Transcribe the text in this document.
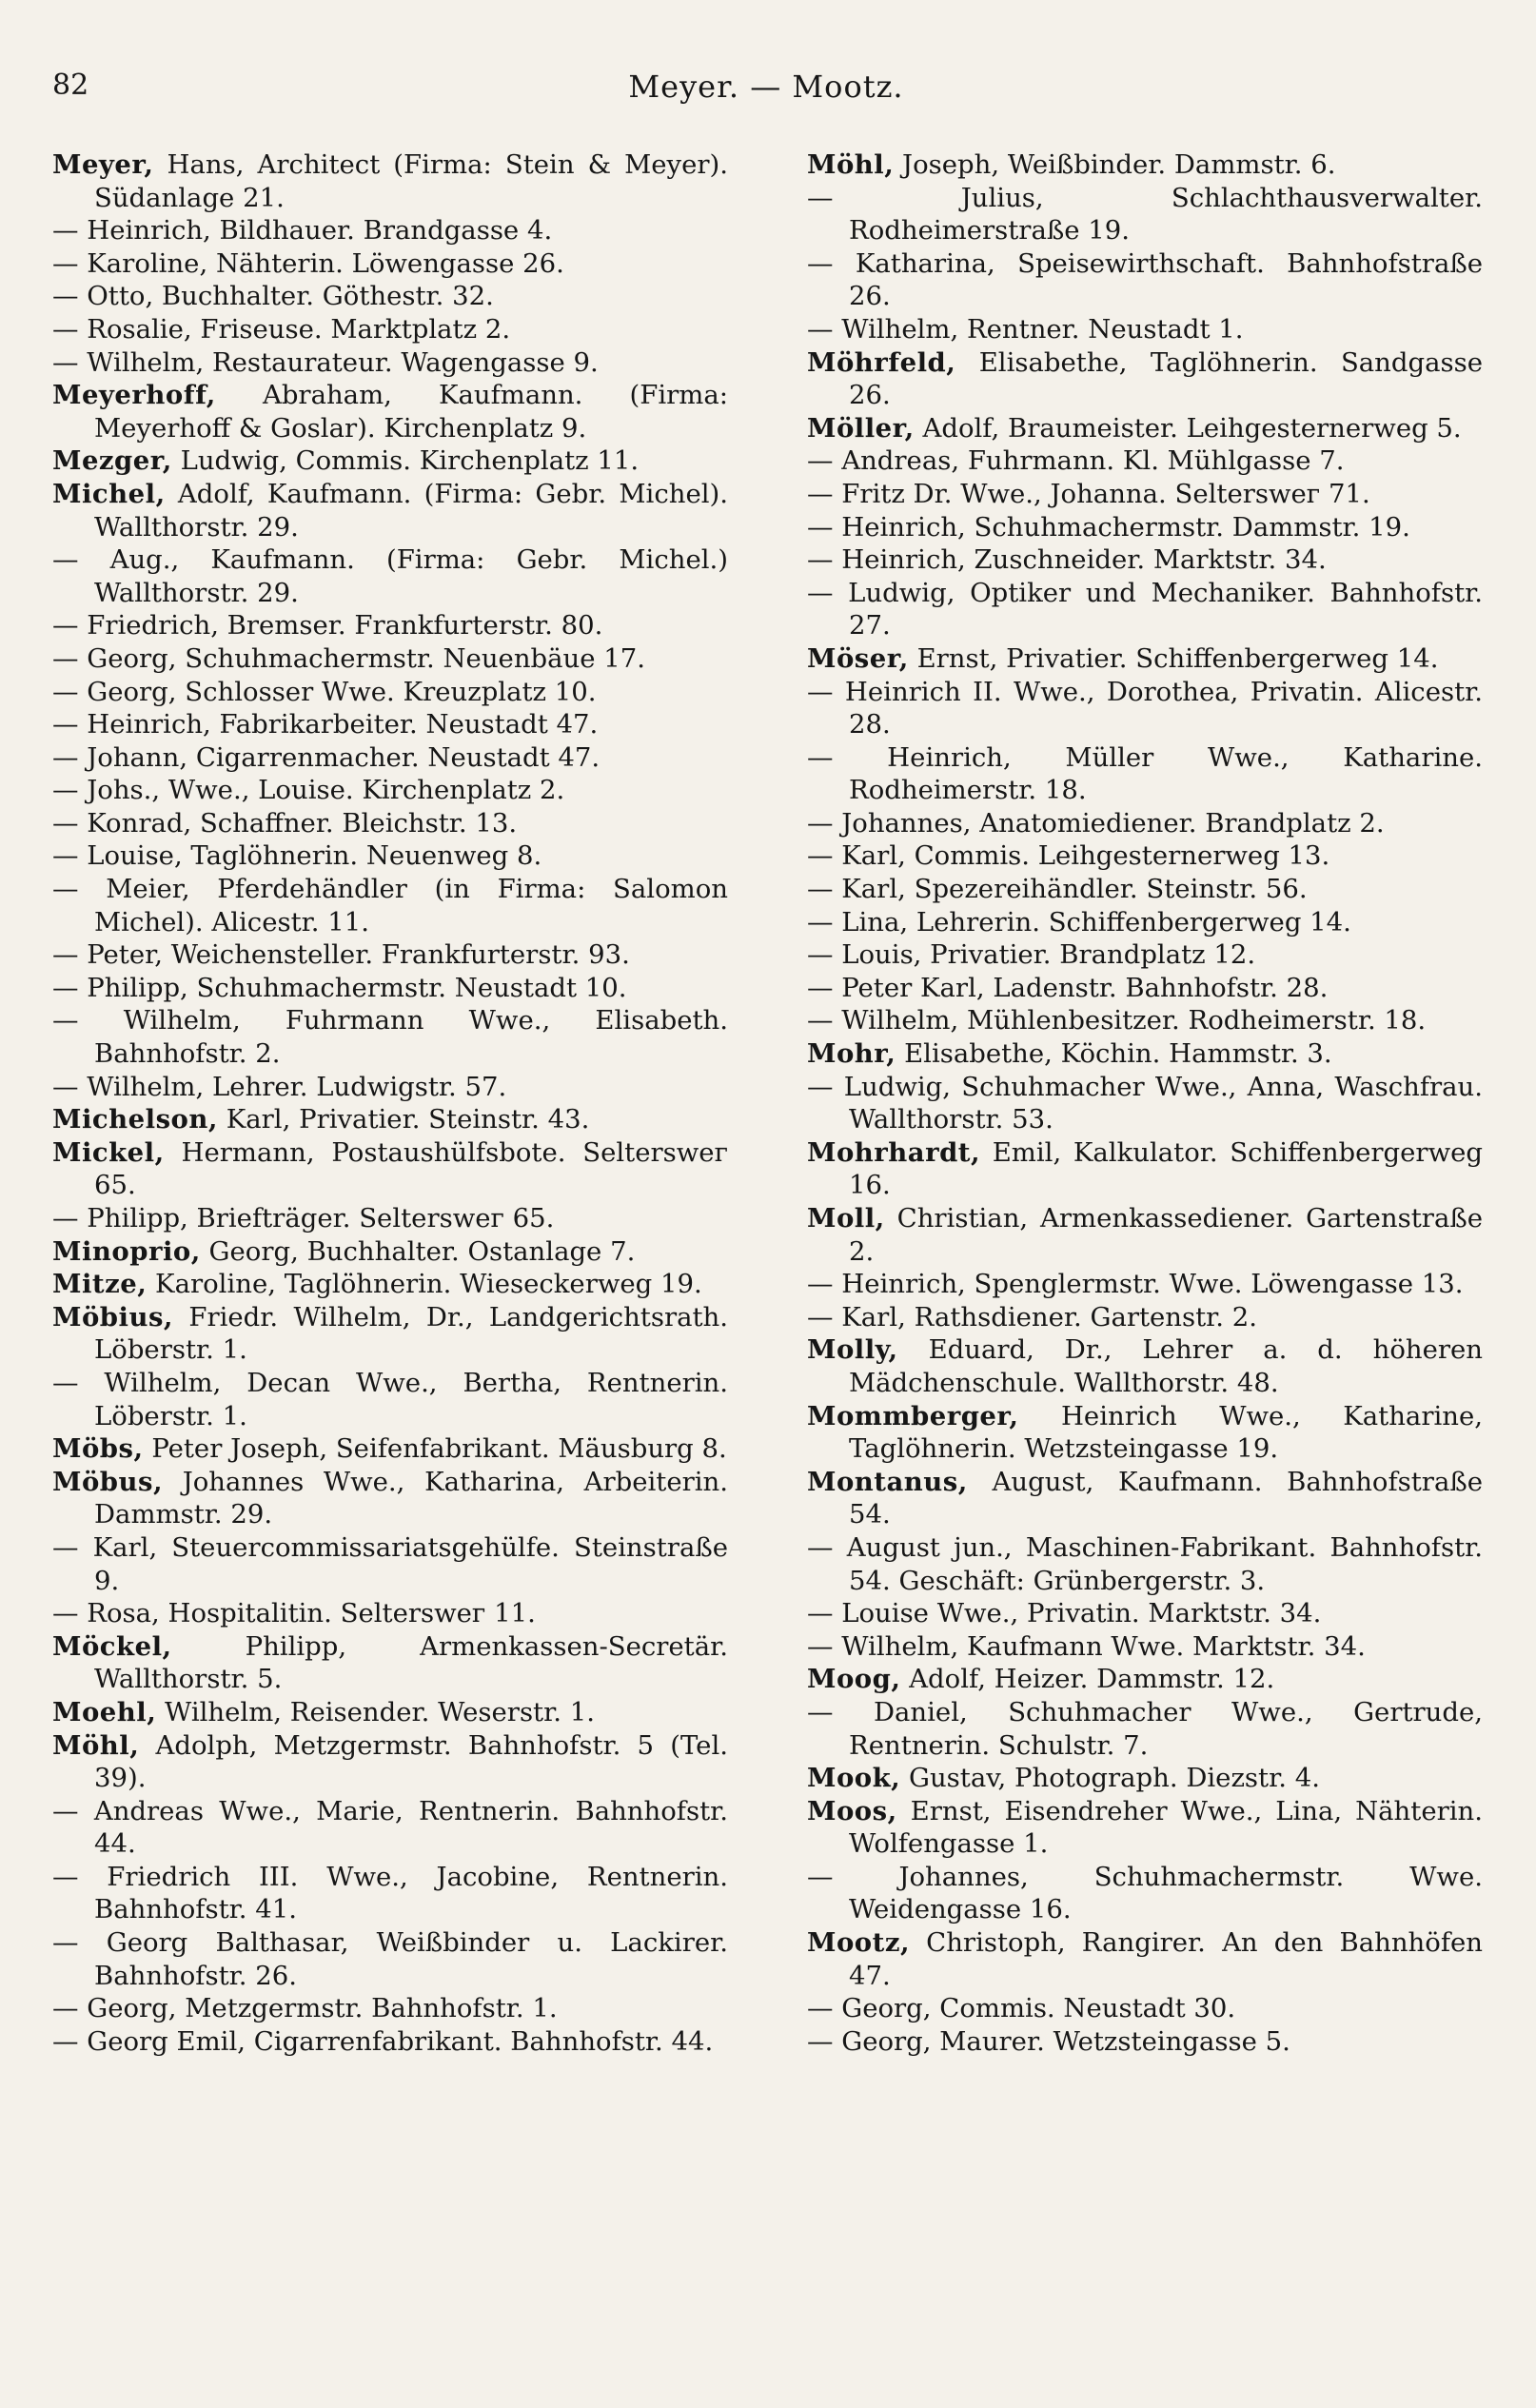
82	Meyer. — Mootz.
Meyer, Hans, Architect (Firma: Stein & Meyer). Südanlage 21.
— Heinrich, Bildhauer. Brandgasse 4.
— Karoline, Nähterin. Löwengasse 26.
— Otto, Buchhalter. Göthestr. 32.
— Rosalie, Friseuse. Marktplatz 2.
— Wilhelm, Restaurateur. Wagengasse 9.
Meyerhoff, Abraham, Kaufmann. (Firma: Meyerhoff & Goslar). Kirchenplatz 9.
Mezger, Ludwig, Commis. Kirchenplatz 11.
Michel, Adolf, Kaufmann. (Firma: Gebr. Michel). Wallthorstr. 29.
— Aug., Kaufmann. (Firma: Gebr. Michel.) Wallthorstr. 29.
— Friedrich, Bremser. Frankfurterstr. 80.
— Georg, Schuhmachermstr. Neuenbäue 17.
— Georg, Schlosser Wwe. Kreuzplatz 10.
— Heinrich, Fabrikarbeiter. Neustadt 47.
— Johann, Cigarrenmacher. Neustadt 47.
— Johs., Wwe., Louise. Kirchenplatz 2.
— Konrad, Schaffner. Bleichstr. 13.
— Louise, Taglöhnerin. Neuenweg 8.
— Meier, Pferdehändler (in Firma: Salomon Michel). Alicestr. 11.
— Peter, Weichensteller. Frankfurterstr. 93.
— Philipp, Schuhmachermstr. Neustadt 10.
— Wilhelm, Fuhrmann Wwe., Elisabeth. Bahnhofstr. 2.
— Wilhelm, Lehrer. Ludwigstr. 57.
Michelson, Karl, Privatier. Steinstr. 43.
Mickel, Hermann, Postaushülfsbote. Selterswег 65.
— Philipp, Briefträger. Selterswег 65.
Minoprio, Georg, Buchhalter. Ostanlage 7.
Mitze, Karoline, Taglöhnerin. Wieseckerweg 19.
Möbius, Friedr. Wilhelm, Dr., Landgerichtsrath. Löberstr. 1.
— Wilhelm, Decan Wwe., Bertha, Rentnerin. Löberstr. 1.
Möbs, Peter Joseph, Seifenfabrikant. Mäusburg 8.
Möbus, Johannes Wwe., Katharina, Arbeiterin. Dammstr. 29.
— Karl, Steuercommissariatsgehülfe. Steinstraße 9.
— Rosa, Hospitalitin. Selterswег 11.
Möckel, Philipp, Armenkassen-Secretär. Wallthorstr. 5.
Moehl, Wilhelm, Reisender. Weserstr. 1.
Möhl, Adolph, Metzgermstr. Bahnhofstr. 5 (Tel. 39).
— Andreas Wwe., Marie, Rentnerin. Bahnhofstr. 44.
— Friedrich III. Wwe., Jacobine, Rentnerin. Bahnhofstr. 41.
— Georg Balthasar, Weißbinder u. Lackirer. Bahnhofstr. 26.
— Georg, Metzgermstr. Bahnhofstr. 1.
— Georg Emil, Cigarrenfabrikant. Bahnhofstr. 44.
Möhl, Joseph, Weißbinder. Dammstr. 6.
— Julius, Schlachthausverwalter. Rodheimerstraße 19.
— Katharina, Speisewirthschaft. Bahnhofstraße 26.
— Wilhelm, Rentner. Neustadt 1.
Möhrfeld, Elisabethe, Taglöhnerin. Sandgasse 26.
Möller, Adolf, Braumeister. Leihgesternerweg 5.
— Andreas, Fuhrmann. Kl. Mühlgasse 7.
— Fritz Dr. Wwe., Johanna. Selterswег 71.
— Heinrich, Schuhmachermstr. Dammstr. 19.
— Heinrich, Zuschneider. Marktstr. 34.
— Ludwig, Optiker und Mechaniker. Bahnhofstr. 27.
Möser, Ernst, Privatier. Schiffenbergerweg 14.
— Heinrich II. Wwe., Dorothea, Privatin. Alicestr. 28.
— Heinrich, Müller Wwe., Katharine. Rodheimerstr. 18.
— Johannes, Anatomiediener. Brandplatz 2.
— Karl, Commis. Leihgesternerweg 13.
— Karl, Spezereihändler. Steinstr. 56.
— Lina, Lehrerin. Schiffenbergerweg 14.
— Louis, Privatier. Brandplatz 12.
— Peter Karl, Ladenstr. Bahnhofstr. 28.
— Wilhelm, Mühlenbesitzer. Rodheimerstr. 18.
Mohr, Elisabethe, Köchin. Hammstr. 3.
— Ludwig, Schuhmacher Wwe., Anna, Waschfrau. Wallthorstr. 53.
Mohrhardt, Emil, Kalkulator. Schiffenbergerweg 16.
Moll, Christian, Armenkassediener. Gartenstraße 2.
— Heinrich, Spenglermstr. Wwe. Löwengasse 13.
— Karl, Rathsdiener. Gartenstr. 2.
Molly, Eduard, Dr., Lehrer a. d. höheren Mädchenschule. Wallthorstr. 48.
Mommberger, Heinrich Wwe., Katharine, Taglöhnerin. Wetzsteingasse 19.
Montanus, August, Kaufmann. Bahnhofstraße 54.
— August jun., Maschinen-Fabrikant. Bahnhofstr. 54. Geschäft: Grünbergerstr. 3.
— Louise Wwe., Privatin. Marktstr. 34.
— Wilhelm, Kaufmann Wwe. Marktstr. 34.
Moog, Adolf, Heizer. Dammstr. 12.
— Daniel, Schuhmacher Wwe., Gertrude, Rentnerin. Schulstr. 7.
Mook, Gustav, Photograph. Diezstr. 4.
Moos, Ernst, Eisendreher Wwe., Lina, Nähterin. Wolfengasse 1.
— Johannes, Schuhmachermstr. Wwe. Weidengasse 16.
Mootz, Christoph, Rangirer. An den Bahnhöfen 47.
— Georg, Commis. Neustadt 30.
— Georg, Maurer. Wetzsteingasse 5.
